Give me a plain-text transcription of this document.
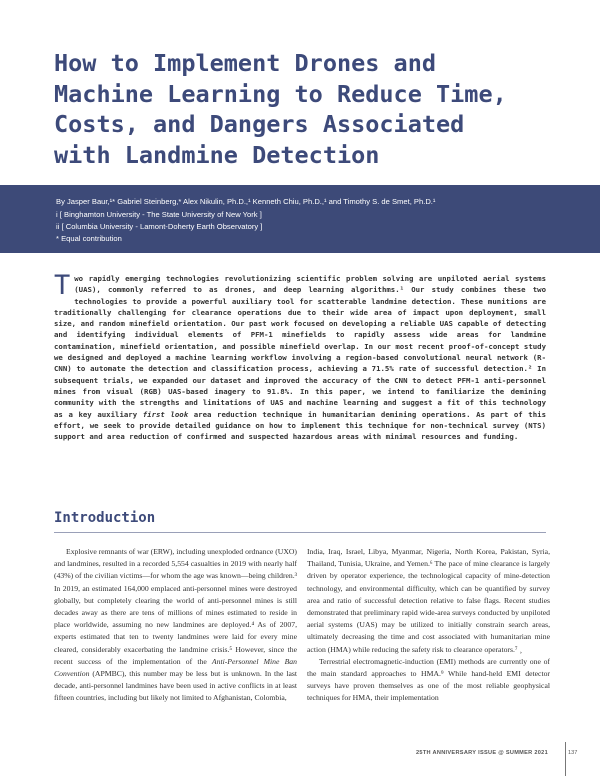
How to Implement Drones and
Machine Learning to Reduce Time,
Costs, and Dangers Associated
with Landmine Detection
By Jasper Baur,¹* Gabriel Steinberg,* Alex Nikulin, Ph.D.,¹ Kenneth Chiu, Ph.D.,¹ and Timothy S. de Smet, Ph.D.¹
i [ Binghamton University - The State University of New York ]
ii [ Columbia University - Lamont-Doherty Earth Observatory ]
* Equal contribution
T wo rapidly emerging technologies revolutionizing scientific problem solving are unpiloted aerial systems (UAS), commonly referred to as drones, and deep learning algorithms.¹ Our study combines these two technologies to provide a powerful auxiliary tool for scatterable landmine detection. These munitions are traditionally challenging for clearance operations due to their wide area of impact upon deployment, small size, and random minefield orientation. Our past work focused on developing a reliable UAS capable of detecting and identifying individual elements of PFM-1 minefields to rapidly assess wide areas for landmine contamination, minefield orientation, and possible minefield overlap. In our most recent proof-of-concept study we designed and deployed a machine learning workflow involving a region-based convolutional neural network (R-CNN) to automate the detection and classification process, achieving a 71.5% rate of successful detection.² In subsequent trials, we expanded our dataset and improved the accuracy of the CNN to detect PFM-1 anti-personnel mines from visual (RGB) UAS-based imagery to 91.8%. In this paper, we intend to familiarize the demining community with the strengths and limitations of UAS and machine learning and suggest a fit of this technology as a key auxiliary first look area reduction technique in humanitarian demining operations. As part of this effort, we seek to provide detailed guidance on how to implement this technique for non-technical survey (NTS) support and area reduction of confirmed and suspected hazardous areas with minimal resources and funding.

Introduction

Explosive remnants of war (ERW), including unexploded ordnance (UXO) and landmines, resulted in a recorded 5,554 casualties in 2019 with nearly half (43%) of the civilian victims—for whom the age was known—being children.³ In 2019, an estimated 164,000 emplaced anti-personnel mines were destroyed globally, but completely clearing the world of anti-personnel mines is still decades away as there are tens of millions of mines estimated to reside in place worldwide, assuming no new landmines are deployed.⁴ As of 2007, experts estimated that ten to twenty landmines were laid for every mine cleared, considerably exacerbating the landmine crisis.⁵ However, since the recent success of the implementation of the Anti-Personnel Mine Ban Convention (APMBC), this number may be less but is unknown. In the last decade, anti-personnel landmines have been used in active conflicts in at least fifteen countries, including but likely not limited to Afghanistan, Colombia,

India, Iraq, Israel, Libya, Myanmar, Nigeria, North Korea, Pakistan, Syria, Thailand, Tunisia, Ukraine, and Yemen.⁶ The pace of mine clearance is largely driven by operator experience, the technological capacity of mine-detection technology, and environmental difficulty, which can be quantified by survey area and ratio of successful detection relative to false flags. Recent studies demonstrated that preliminary rapid wide-area surveys conducted by unpiloted aerial systems (UAS) may be utilized to initially constrain search areas, ultimately decreasing the time and cost associated with humanitarian mine action (HMA) while reducing the safety risk to clearance operators.⁷ ¸

Terrestrial electromagnetic-induction (EMI) methods are currently one of the main standard approaches to HMA.⁹ While hand-held EMI detector surveys have proven themselves as one of the most reliable geophysical techniques for HMA, their implementation

25TH ANNIVERSARY ISSUE @ SUMMER 2021	137
